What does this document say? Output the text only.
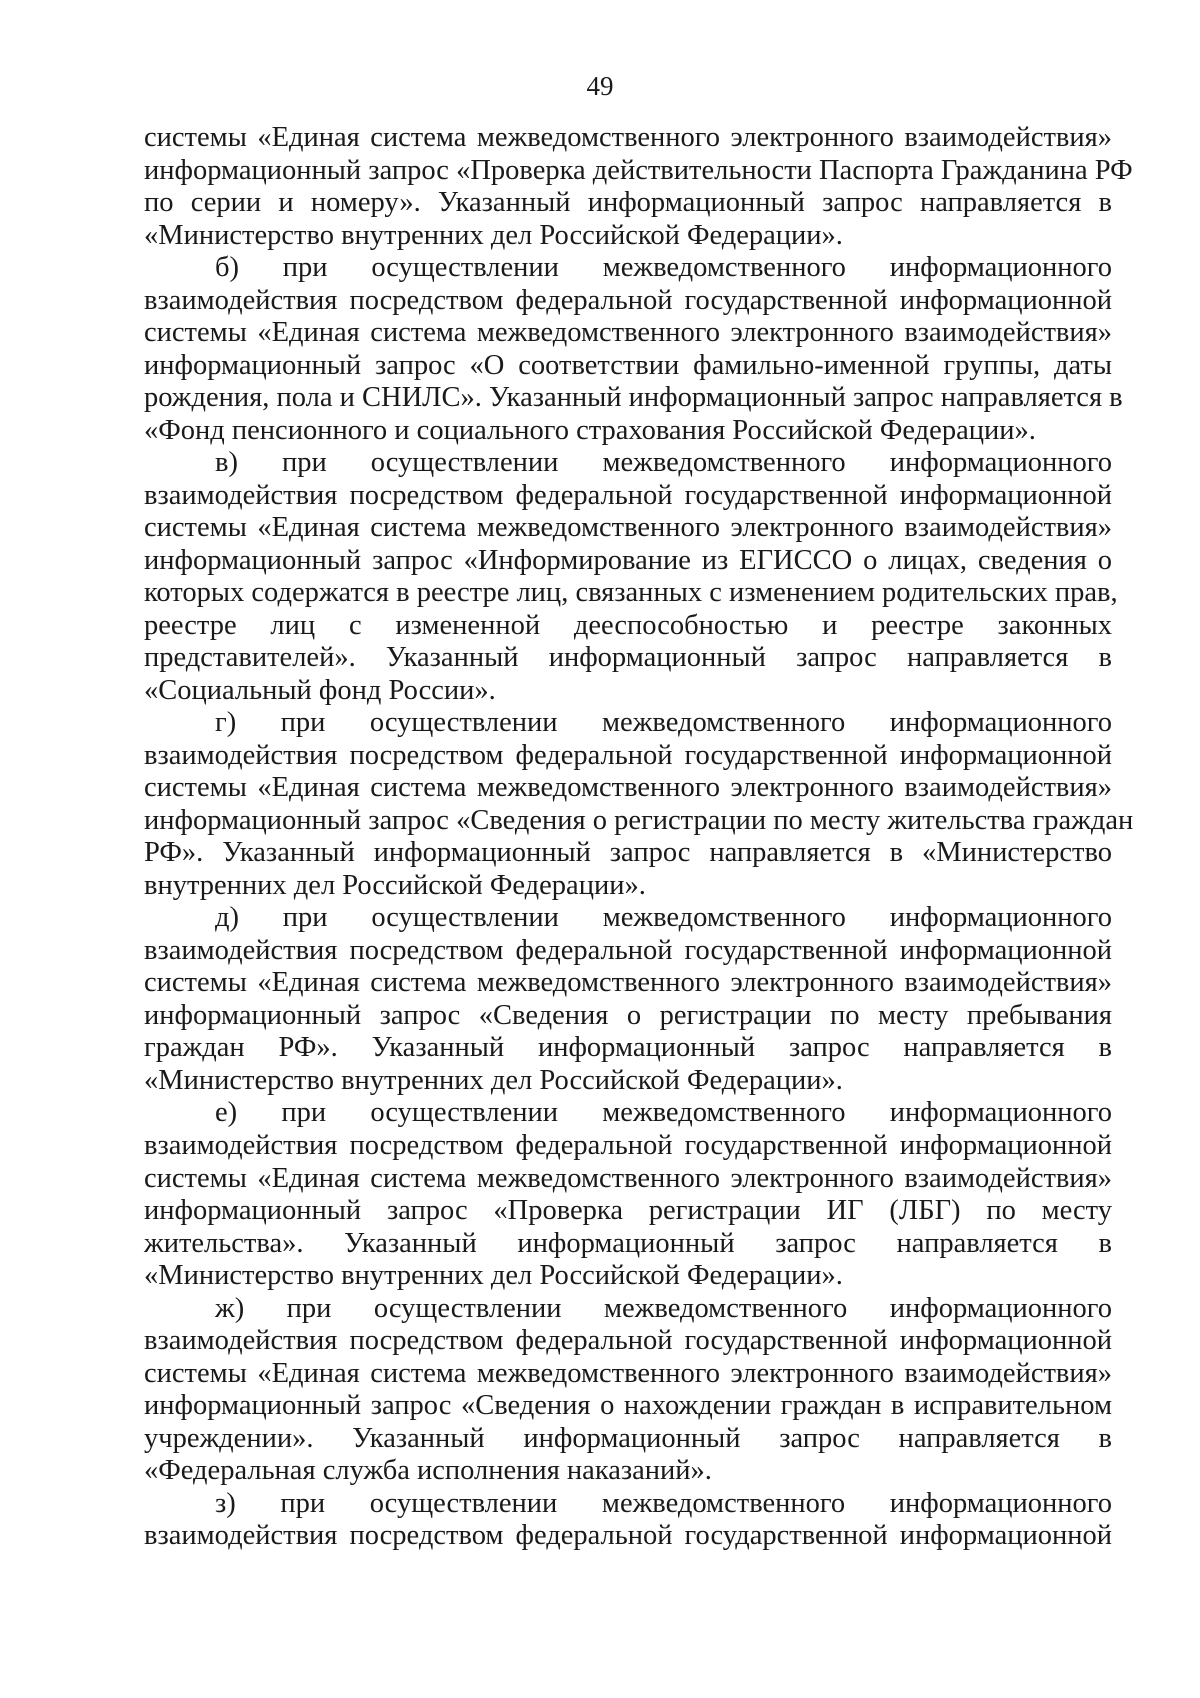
49
системы «Единая система межведомственного электронного взаимодействия»
информационный запрос «Проверка действительности Паспорта Гражданина РФ
по серии и номеру». Указанный информационный запрос направляется в
«Министерство внутренних дел Российской Федерации».
б) при осуществлении межведомственного информационного
взаимодействия посредством федеральной государственной информационной
системы «Единая система межведомственного электронного взаимодействия»
информационный запрос «О соответствии фамильно-именной группы, даты
рождения, пола и СНИЛС». Указанный информационный запрос направляется в
«Фонд пенсионного и социального страхования Российской Федерации».
в) при осуществлении межведомственного информационного
взаимодействия посредством федеральной государственной информационной
системы «Единая система межведомственного электронного взаимодействия»
информационный запрос «Информирование из ЕГИССО о лицах, сведения о
которых содержатся в реестре лиц, связанных с изменением родительских прав,
реестре лиц с измененной дееспособностью и реестре законных
представителей». Указанный информационный запрос направляется в
«Социальный фонд России».
г) при осуществлении межведомственного информационного
взаимодействия посредством федеральной государственной информационной
системы «Единая система межведомственного электронного взаимодействия»
информационный запрос «Сведения о регистрации по месту жительства граждан
РФ». Указанный информационный запрос направляется в «Министерство
внутренних дел Российской Федерации».
д) при осуществлении межведомственного информационного
взаимодействия посредством федеральной государственной информационной
системы «Единая система межведомственного электронного взаимодействия»
информационный запрос «Сведения о регистрации по месту пребывания
граждан РФ». Указанный информационный запрос направляется в
«Министерство внутренних дел Российской Федерации».
е) при осуществлении межведомственного информационного
взаимодействия посредством федеральной государственной информационной
системы «Единая система межведомственного электронного взаимодействия»
информационный запрос «Проверка регистрации ИГ (ЛБГ) по месту
жительства». Указанный информационный запрос направляется в
«Министерство внутренних дел Российской Федерации».
ж) при осуществлении межведомственного информационного
взаимодействия посредством федеральной государственной информационной
системы «Единая система межведомственного электронного взаимодействия»
информационный запрос «Сведения о нахождении граждан в исправительном
учреждении». Указанный информационный запрос направляется в
«Федеральная служба исполнения наказаний».
з) при осуществлении межведомственного информационного
взаимодействия посредством федеральной государственной информационной
